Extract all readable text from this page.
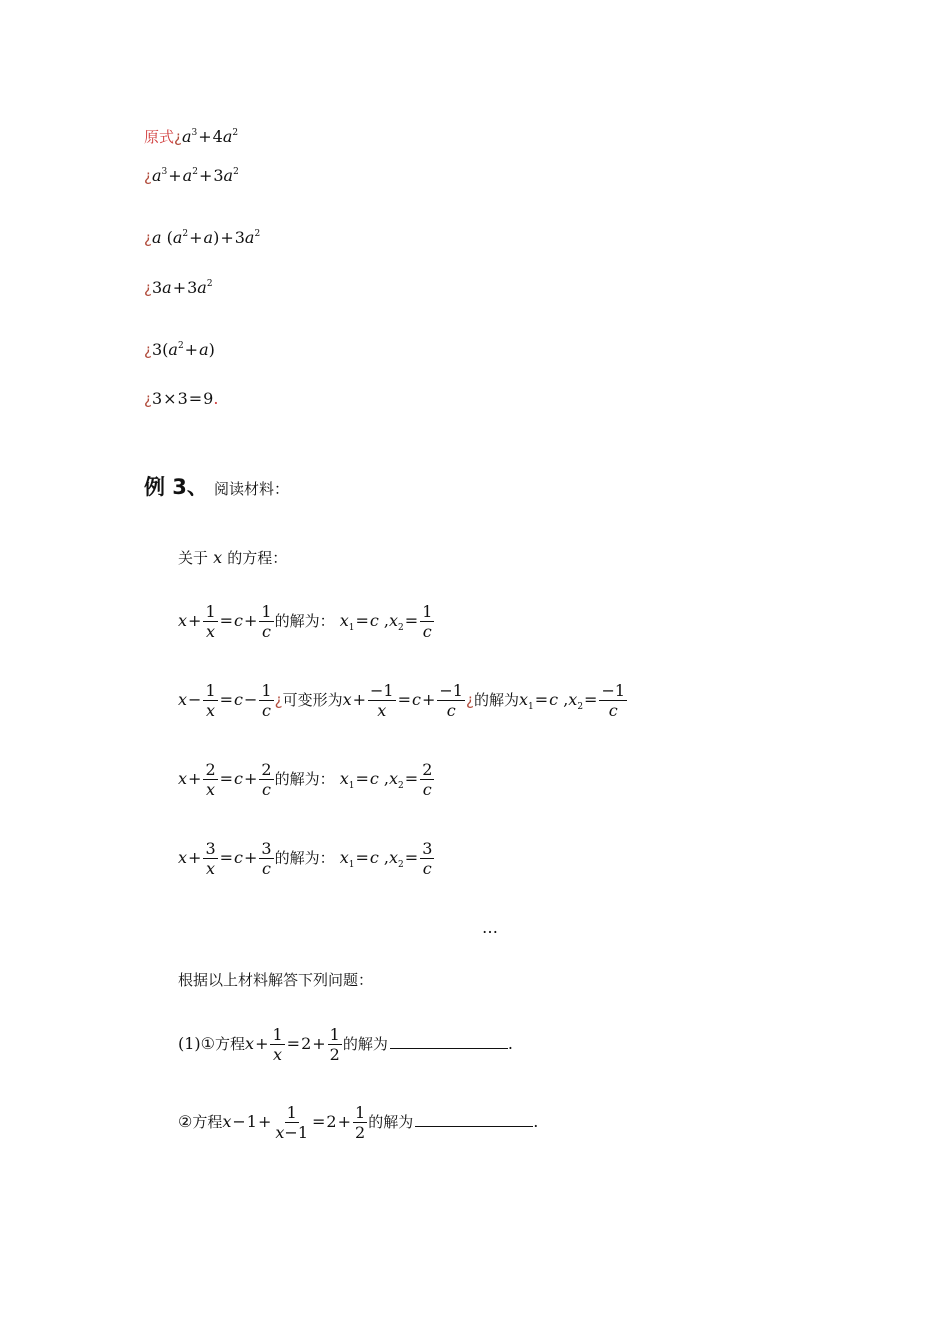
原式¿$a^3+4a^2$
¿$a^3+a^2+3a^2$
¿a $(a^2+a)+3a^2$
¿$3a+3a^2$
¿$3(a^2+a)$
¿3×3=9.
例 3、 阅读材料：
关于 x 的方程：
$x+ \frac{1}{x} =c+ \frac{1}{c}$ 的解为： $x_1=c$ $,x_2= \frac{1}{c}$
$x- \frac{1}{x} =c- \frac{1}{c}$ ¿可变形为$x+ \frac{-1}{x} =c+ \frac{-1}{c}$ ¿的解为$x_1=c$ $,x_2= \frac{-1}{c}$
$x+ \frac{2}{x} =c+ \frac{2}{c}$ 的解为： $x_1=c$ $,x_2= \frac{2}{c}$
$x+ \frac{3}{x} =c+ \frac{3}{c}$ 的解为： $x_1=c$ $,x_2= \frac{3}{c}$
…
根据以上材料解答下列问题：
(1)①方程$x+ \frac{1}{x} =2+ \frac{1}{2}$ 的解为	.
②方程$x-1+ \frac{1}{x-1} =2+ \frac{1}{2}$ 的解为	.
